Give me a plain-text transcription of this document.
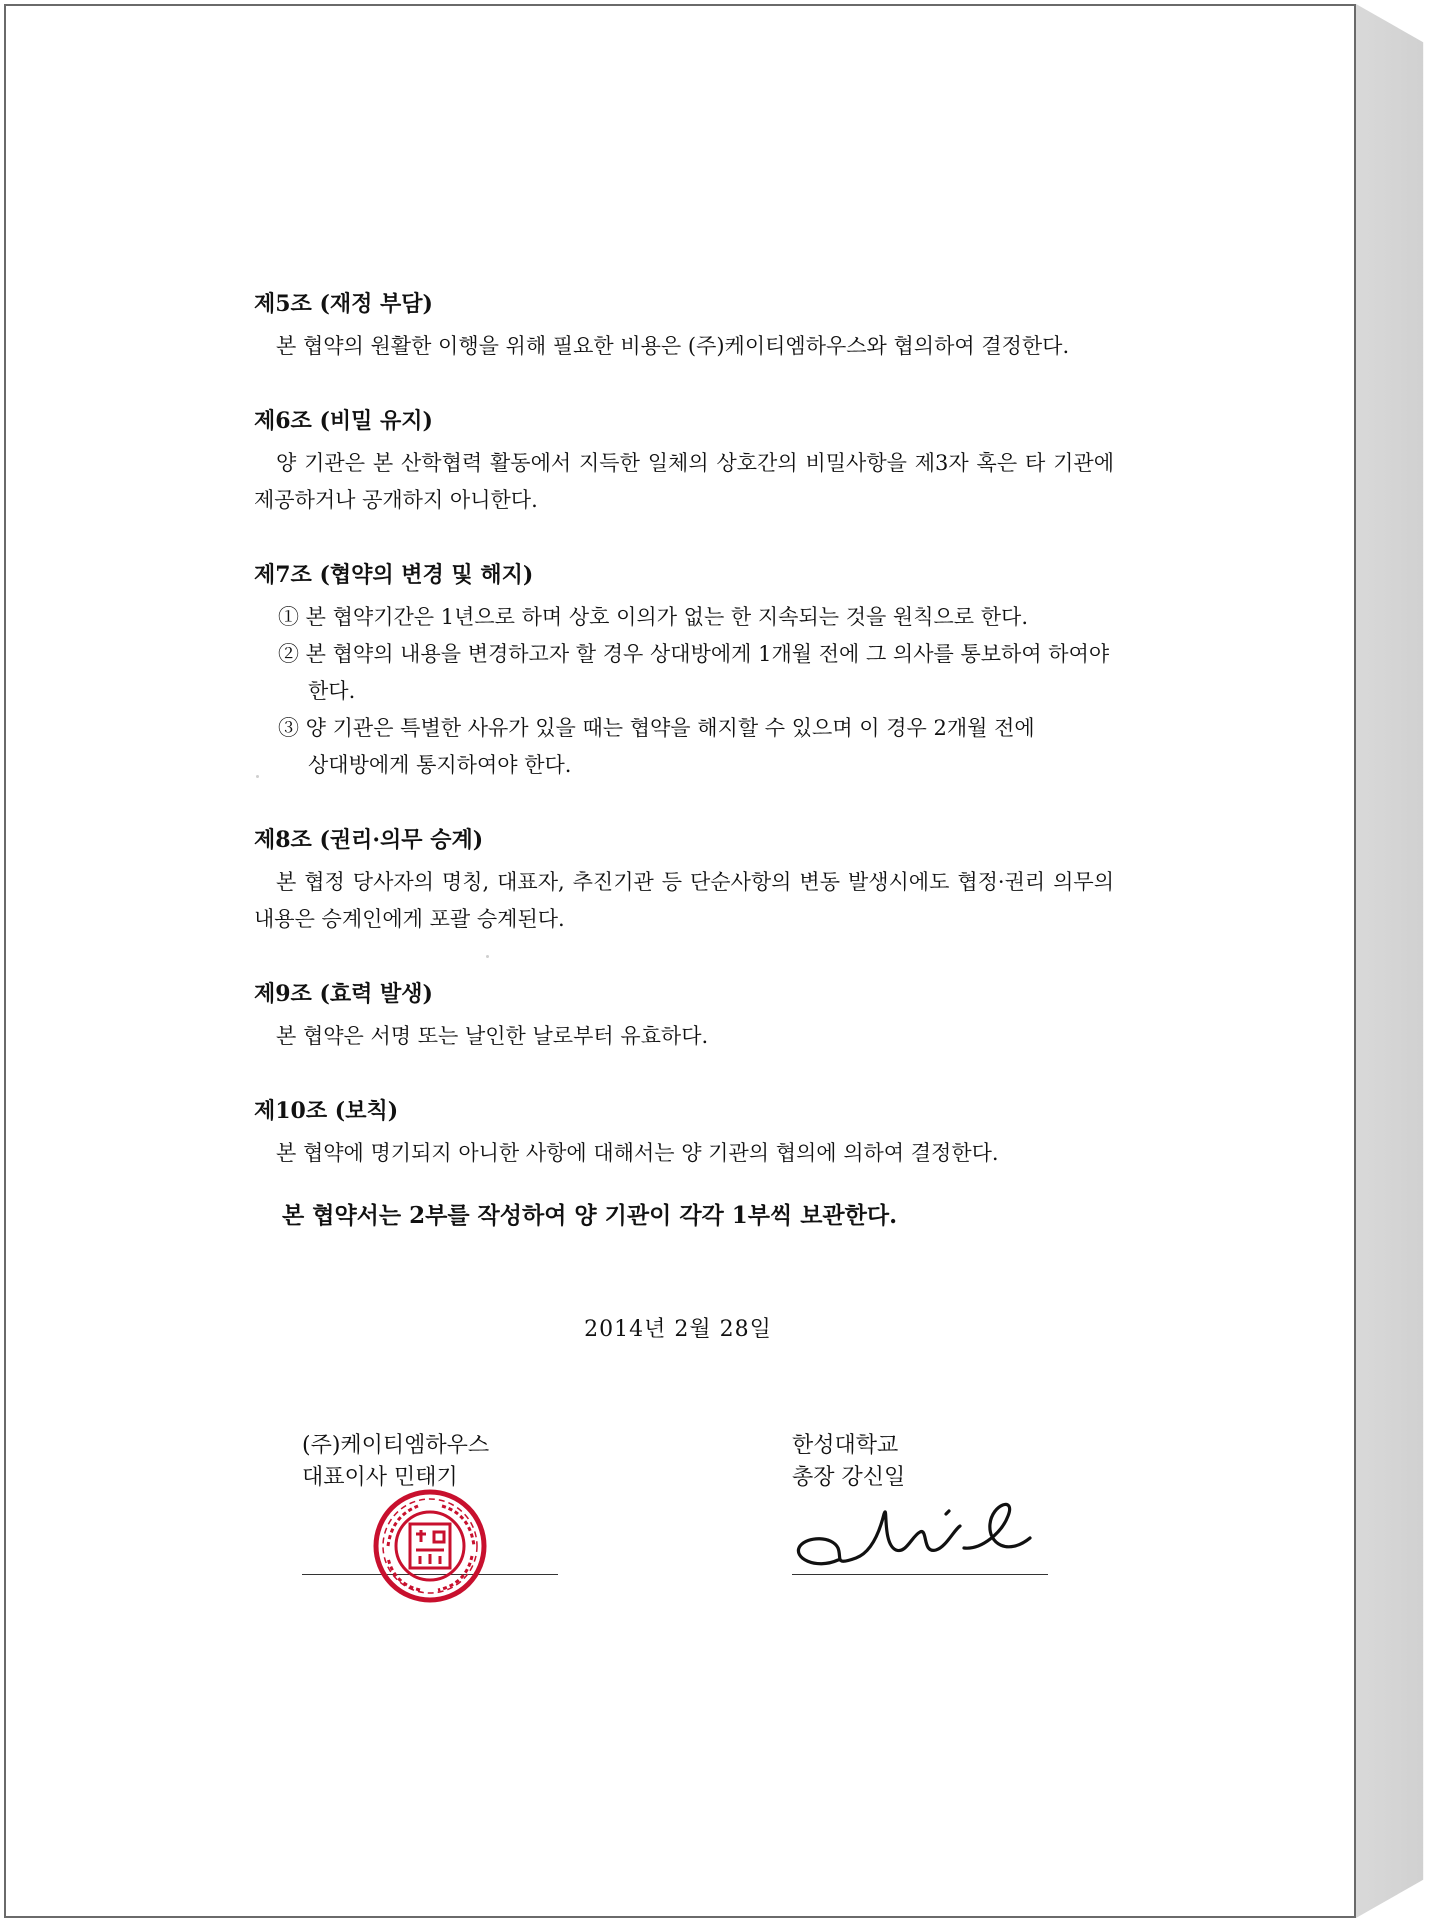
제5조 (재정 부담)

본 협약의 원활한 이행을 위해 필요한 비용은 (주)케이티엠하우스와 협의하여 결정한다.

제6조 (비밀 유지)

양 기관은 본 산학협력 활동에서 지득한 일체의 상호간의 비밀사항을 제3자 혹은 타 기관에 제공하거나 공개하지 아니한다.

제7조 (협약의 변경 및 해지)

① 본 협약기간은 1년으로 하며 상호 이의가 없는 한 지속되는 것을 원칙으로 한다.
② 본 협약의 내용을 변경하고자 할 경우 상대방에게 1개월 전에 그 의사를 통보하여 하여야 한다.
③ 양 기관은 특별한 사유가 있을 때는 협약을 해지할 수 있으며 이 경우 2개월 전에 상대방에게 통지하여야 한다.

제8조 (권리·의무 승계)

본 협정 당사자의 명칭, 대표자, 추진기관 등 단순사항의 변동 발생시에도 협정·권리 의무의 내용은 승계인에게 포괄 승계된다.

제9조 (효력 발생)

본 협약은 서명 또는 날인한 날로부터 유효하다.

제10조 (보칙)

본 협약에 명기되지 아니한 사항에 대해서는 양 기관의 협의에 의하여 결정한다.

본 협약서는 2부를 작성하여 양 기관이 각각 1부씩 보관한다.

2014년 2월 28일
(주)케이티엠하우스
대표이사 민태기
한성대학교
총장 강신일
